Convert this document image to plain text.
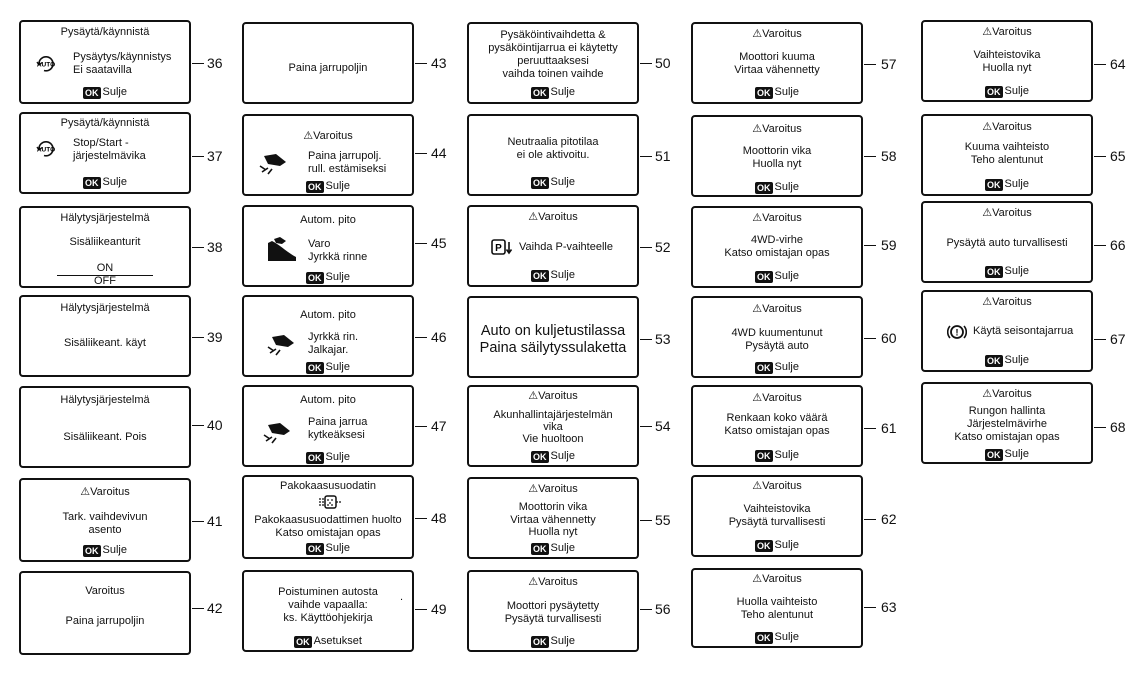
Pysäytä/käynnistä
AUTO
Pysäytys/käynnistys
Ei saatavilla
OK Sulje
36
Pysäytä/käynnistä
AUTO
Stop/Start -
järjestelmävika
OK Sulje
37
Hälytysjärjestelmä
Sisäliikeanturit
ON
OFF
38
Hälytysjärjestelmä
Sisäliikeant. käyt	39
Hälytysjärjestelmä
Sisäliikeant. Pois
40
⚠Varoitus
Tark. vaihdevivun
asento
OK Sulje
41
Varoitus
Paina jarrupoljin
42
Paina jarrupoljin	43
⚠Varoitus
Paina jarrupolj.
rull. estämiseksi
OK Sulje
44
Autom. pito
Varo
Jyrkkä rinne
OK Sulje
45
Autom. pito
Jyrkkä rin.
Jalkajar.
OK Sulje
46
Autom. pito
Paina jarrua
kytkeäksesi
OK Sulje
47
Pakokaasusuodatin
Pakokaasusuodattimen huolto
Katso omistajan opas
OK Sulje
48
Poistuminen autosta
vaihde vapaalla:
ks. Käyttöohjekirja
.
OK Asetukset
49
Pysäköintivaihdetta &
pysäköintijarrua ei käytetty
peruuttaaksesi
vaihda toinen vaihde
OK Sulje
50
Neutraalia pitotilaa
ei ole aktivoitu.
OK Sulje
51
⚠Varoitus
P Vaihda P-vaihteelle
OK Sulje
52
Auto on kuljetustilassa
Paina säilytyssulaketta
53
⚠Varoitus
Akunhallintajärjestelmän
vika
Vie huoltoon
OK Sulje
54
⚠Varoitus
Moottorin vika
Virtaa vähennetty
Huolla nyt
OK Sulje
55
⚠Varoitus
Moottori pysäytetty
Pysäytä turvallisesti
OK Sulje
56
⚠Varoitus
Moottori kuuma
Virtaa vähennetty
OK Sulje
57
⚠Varoitus
Moottorin vika
Huolla nyt
OK Sulje
58
⚠Varoitus
4WD-virhe
Katso omistajan opas
OK Sulje
59
⚠Varoitus
4WD kuumentunut
Pysäytä auto
OK Sulje
60
⚠Varoitus
Renkaan koko väärä
Katso omistajan opas
OK Sulje
61
⚠Varoitus
Vaihteistovika
Pysäytä turvallisesti
OK Sulje
62
⚠Varoitus
Huolla vaihteisto
Teho alentunut
OK Sulje
63
⚠Varoitus
Vaihteistovika
Huolla nyt
OK Sulje
64
⚠Varoitus
Kuuma vaihteisto
Teho alentunut
OK Sulje
65
⚠Varoitus
Pysäytä auto turvallisesti
OK Sulje
66
⚠Varoitus
! Käytä seisontajarrua
OK Sulje
67
⚠Varoitus
Rungon hallinta
Järjestelmävirhe
Katso omistajan opas
OK Sulje
68
